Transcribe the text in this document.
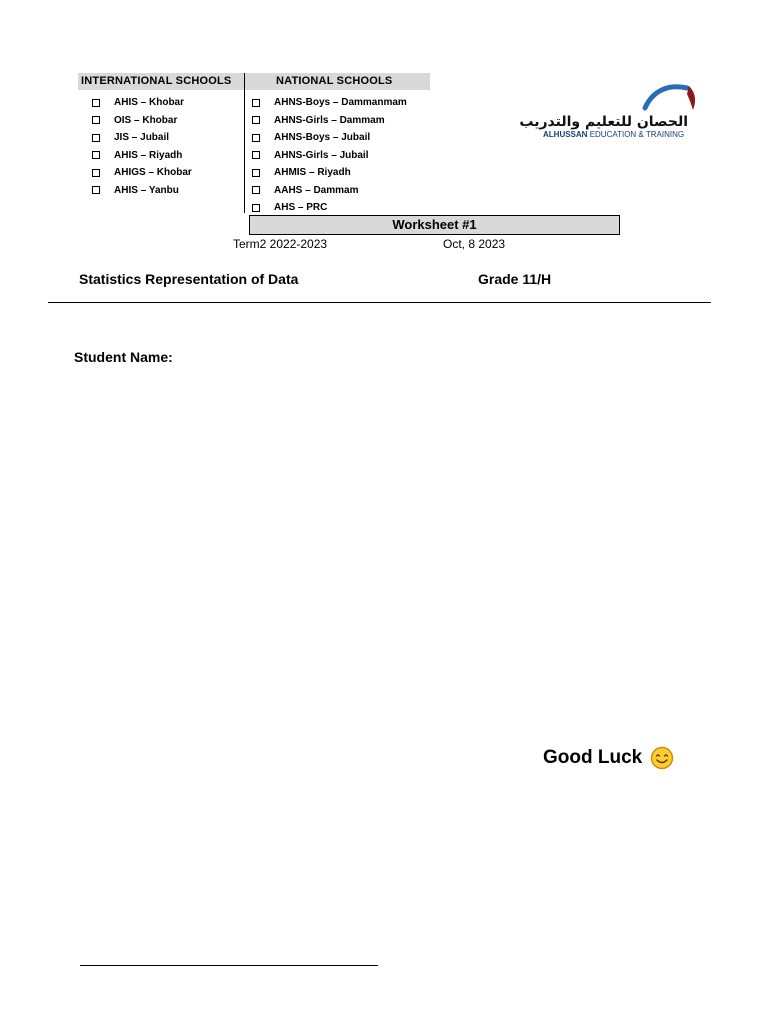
INTERNATIONAL SCHOOLS	NATIONAL SCHOOLS
AHIS – Khobar
OIS – Khobar
JIS – Jubail
AHIS – Riyadh
AHIGS – Khobar
AHIS – Yanbu
AHNS-Boys – Dammanmam
AHNS-Girls – Dammam
AHNS-Boys – Jubail
AHNS-Girls – Jubail
AHMIS – Riyadh
AAHS – Dammam
AHS – PRC
الحصان للتعليم والتدريب
ALHUSSAN EDUCATION & TRAINING
Worksheet #1
Term2 2022-2023	Oct, 8 2023
Statistics Representation of Data	Grade 11/H
Student Name:
Good Luck
